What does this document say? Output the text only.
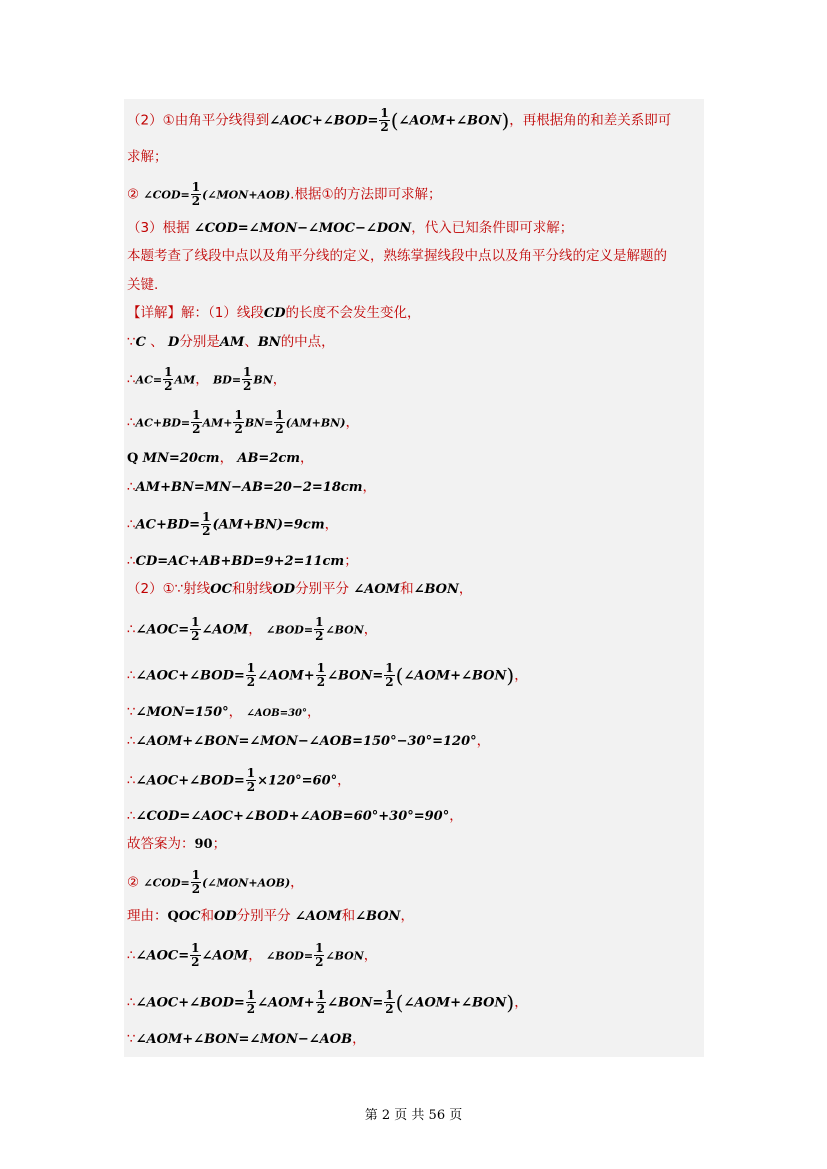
（2）①由角平分线得到∠AOC+∠BOD= $\frac{1}{2}$ (∠AOM+∠BON)，再根据角的和差关系即可
求解；
② ∠COD= $\frac{1}{2}$ (∠MON+AOB).根据①的方法即可求解；
（3）根据 ∠COD=∠MON−∠MOC−∠DON，代入已知条件即可求解；
本题考查了线段中点以及角平分线的定义，熟练掌握线段中点以及角平分线的定义是解题的
关键.
【详解】解：（1）线段CD的长度不会发生变化，
∵C 、 D分别是AM、BN的中点，
∴AC= $\frac{1}{2}$ AM， $BD= \frac{1}{2}$ BN，
∴AC+BD= $\frac{1}{2} AM+ \frac{1}{2} BN= \frac{1}{2} (AM+BN)$，
Q MN=20cm， AB=2cm，
∴AM+BN=MN−AB=20−2=18cm，
∴AC+BD= $\frac{1}{2} (AM+BN)=9cm$，
∴CD=AC+AB+BD=9+2=11cm；
（2）①∵射线OC和射线OD分别平分 ∠AOM和∠BON，
∴∠AOC= $\frac{1}{2}$ ∠AOM， ∠BOD= $\frac{1}{2}$ ∠BON，
∴∠AOC+∠BOD= $\frac{1}{2}$ ∠AOM+ $\frac{1}{2}$ ∠BON= $\frac{1}{2}$ (∠AOM+∠BON)，
∵∠MON=150°， ∠AOB=30°，
∴∠AOM+∠BON=∠MON−∠AOB=150°−30°=120°，
∴∠AOC+∠BOD= $\frac{1}{2} \times 120^\circ=60^\circ$，
∴∠COD=∠AOC+∠BOD+∠AOB=60°+30°=90°，
故答案为：90；
② ∠COD= $\frac{1}{2}$ (∠MON+AOB)，
理由：QOC和OD分别平分 ∠AOM和∠BON，
∴∠AOC= $\frac{1}{2}$ ∠AOM， ∠BOD= $\frac{1}{2}$ ∠BON，
∴∠AOC+∠BOD= $\frac{1}{2}$ ∠AOM+ $\frac{1}{2}$ ∠BON= $\frac{1}{2}$ (∠AOM+∠BON)，
∵∠AOM+∠BON=∠MON−∠AOB，
第 2 页 共 56 页
